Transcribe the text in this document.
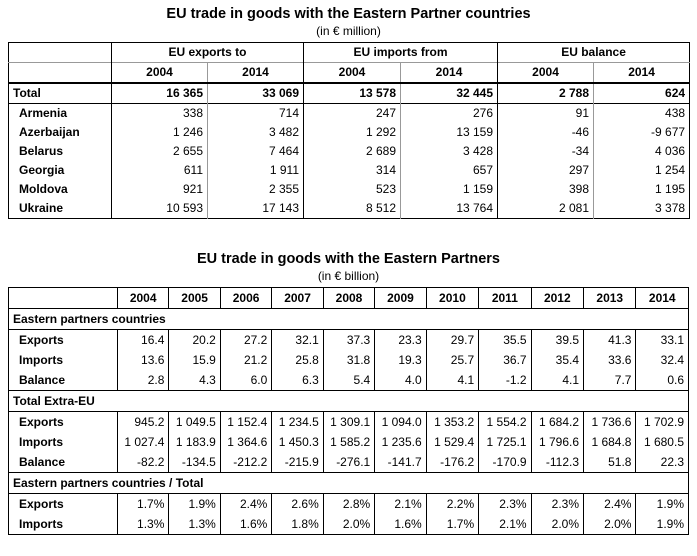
EU trade in goods with the Eastern Partner countries
(in € million)
	EU exports to		EU imports from		EU balance	
	2004	2014	2004	2014	2004	2014
Total	16 365	33 069	13 578	32 445	2 788	624
Armenia	338	714	247	276	91	438
Azerbaijan	1 246	3 482	1 292	13 159	-46	-9 677
Belarus	2 655	7 464	2 689	3 428	-34	4 036
Georgia	611	1 911	314	657	297	1 254
Moldova	921	2 355	523	1 159	398	1 195
Ukraine	10 593	17 143	8 512	13 764	2 081	3 378
EU trade in goods with the Eastern Partners
(in € billion)
	2004	2005	2006	2007	2008	2009	2010	2011	2012	2013	2014
Eastern partners countries											
Exports	16.4	20.2	27.2	32.1	37.3	23.3	29.7	35.5	39.5	41.3	33.1
Imports	13.6	15.9	21.2	25.8	31.8	19.3	25.7	36.7	35.4	33.6	32.4
Balance	2.8	4.3	6.0	6.3	5.4	4.0	4.1	-1.2	4.1	7.7	0.6
Total Extra-EU											
Exports	945.2	1 049.5	1 152.4	1 234.5	1 309.1	1 094.0	1 353.2	1 554.2	1 684.2	1 736.6	1 702.9
Imports	1 027.4	1 183.9	1 364.6	1 450.3	1 585.2	1 235.6	1 529.4	1 725.1	1 796.6	1 684.8	1 680.5
Balance	-82.2	-134.5	-212.2	-215.9	-276.1	-141.7	-176.2	-170.9	-112.3	51.8	22.3
Eastern partners countries / Total											
Exports	1.7%	1.9%	2.4%	2.6%	2.8%	2.1%	2.2%	2.3%	2.3%	2.4%	1.9%
Imports	1.3%	1.3%	1.6%	1.8%	2.0%	1.6%	1.7%	2.1%	2.0%	2.0%	1.9%
